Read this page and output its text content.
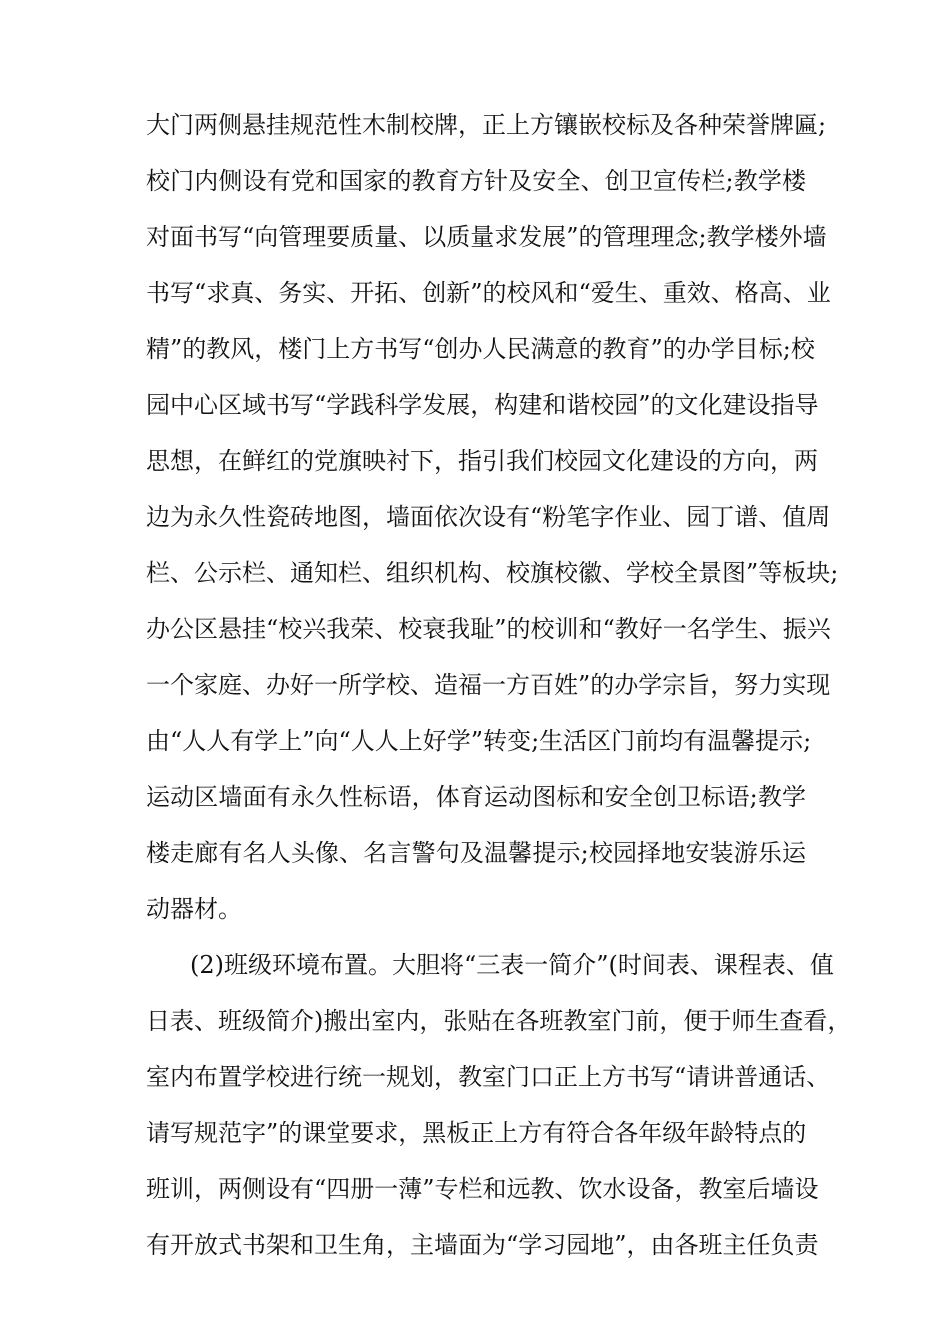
大门两侧悬挂规范性木制校牌，正上方镶嵌校标及各种荣誉牌匾;
校门内侧设有党和国家的教育方针及安全、创卫宣传栏;教学楼
对面书写“向管理要质量、以质量求发展”的管理理念;教学楼外墙
书写“求真、务实、开拓、创新”的校风和“爱生、重效、格高、业
精”的教风，楼门上方书写“创办人民满意的教育”的办学目标;校
园中心区域书写“学践科学发展，构建和谐校园”的文化建设指导
思想，在鲜红的党旗映衬下，指引我们校园文化建设的方向，两
边为永久性瓷砖地图，墙面依次设有“粉笔字作业、园丁谱、值周
栏、公示栏、通知栏、组织机构、校旗校徽、学校全景图”等板块;
办公区悬挂“校兴我荣、校衰我耻”的校训和“教好一名学生、振兴
一个家庭、办好一所学校、造福一方百姓”的办学宗旨，努力实现
由“人人有学上”向“人人上好学”转变;生活区门前均有温馨提示;
运动区墙面有永久性标语，体育运动图标和安全创卫标语;教学
楼走廊有名人头像、名言警句及温馨提示;校园择地安装游乐运
动器材。
(2)班级环境布置。大胆将“三表一简介”(时间表、课程表、值
日表、班级简介)搬出室内，张贴在各班教室门前，便于师生查看，
室内布置学校进行统一规划，教室门口正上方书写“请讲普通话、
请写规范字”的课堂要求，黑板正上方有符合各年级年龄特点的
班训，两侧设有“四册一薄”专栏和远教、饮水设备，教室后墙设
有开放式书架和卫生角，主墙面为“学习园地”，由各班主任负责
